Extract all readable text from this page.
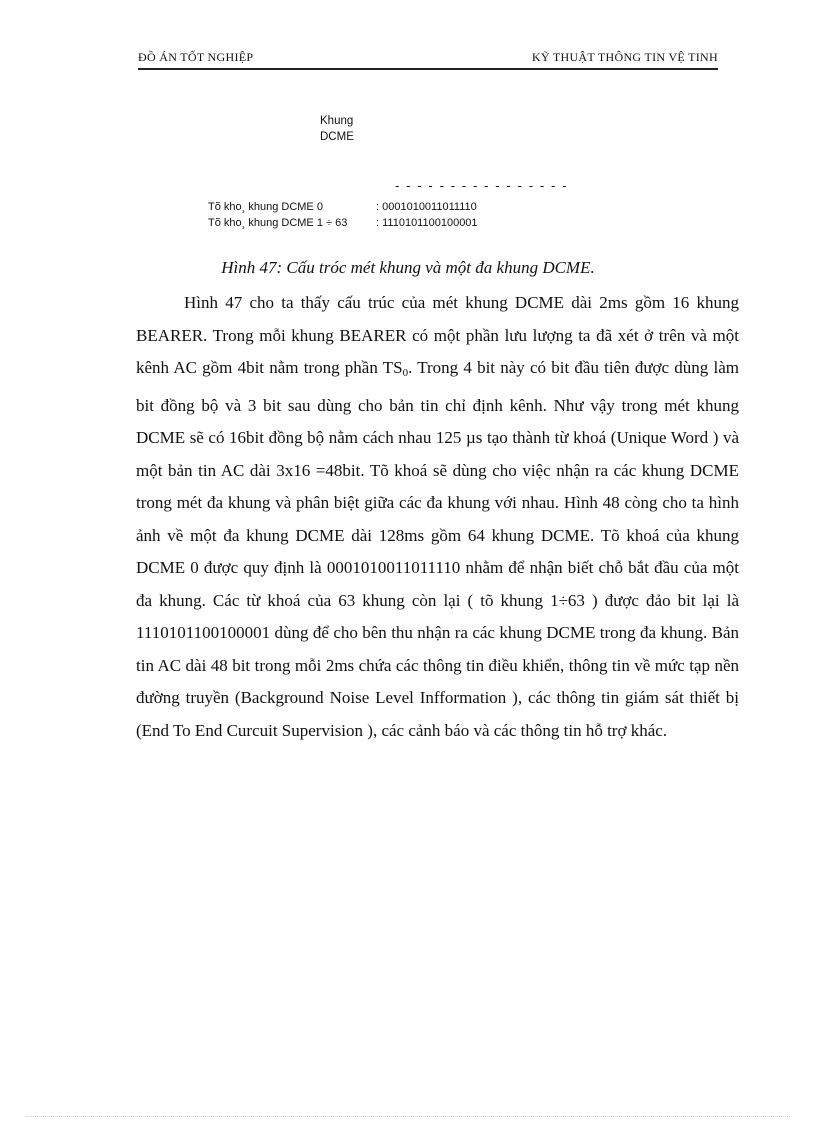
ĐỒ ÁN TỐT NGHIỆP	KỸ THUẬT THÔNG TIN VỆ TINH
Khung
DCME
- - - - - - - - - - - - - - - -
Tõ kho¸ khung DCME 0	: 0001010011011110
Tõ kho¸ khung DCME 1 ÷ 63	: 1110101100100001
Hình 47: Cấu tróc mét khung và một đa khung DCME.

Hình 47 cho ta thấy cấu trúc của mét khung DCME dài 2ms gồm 16 khung BEARER. Trong mỗi khung BEARER có một phần lưu lượng ta đã xét ở trên và một kênh AC gồm 4bit nằm trong phần $TS_0$. Trong 4 bit này có bit đầu tiên được dùng làm bit đồng bộ và 3 bit sau dùng cho bản tin chỉ định kênh. Như vậy trong mét khung DCME sẽ có 16bit đồng bộ nằm cách nhau 125 µs tạo thành từ khoá (Unique Word ) và một bản tin AC dài 3x16 =48bit. Tõ khoá sẽ dùng cho việc nhận ra các khung DCME trong mét đa khung và phân biệt giữa các đa khung với nhau. Hình 48 còng cho ta hình ảnh về một đa khung DCME dài 128ms gồm 64 khung DCME. Tõ khoá của khung DCME 0 được quy định là 0001010011011110 nhằm để nhận biết chỗ bắt đầu của một đa khung. Các từ khoá của 63 khung còn lại ( tõ khung 1÷63 ) được đảo bit lại là 1110101100100001 dùng để cho bên thu nhận ra các khung DCME trong đa khung. Bản tin AC dài 48 bit trong mỗi 2ms chứa các thông tin điều khiển, thông tin về mức tạp nền đường truyền (Background Noise Level Infformation ), các thông tin giám sát thiết bị (End To End Curcuit Supervision ), các cảnh báo và các thông tin hỗ trợ khác.
